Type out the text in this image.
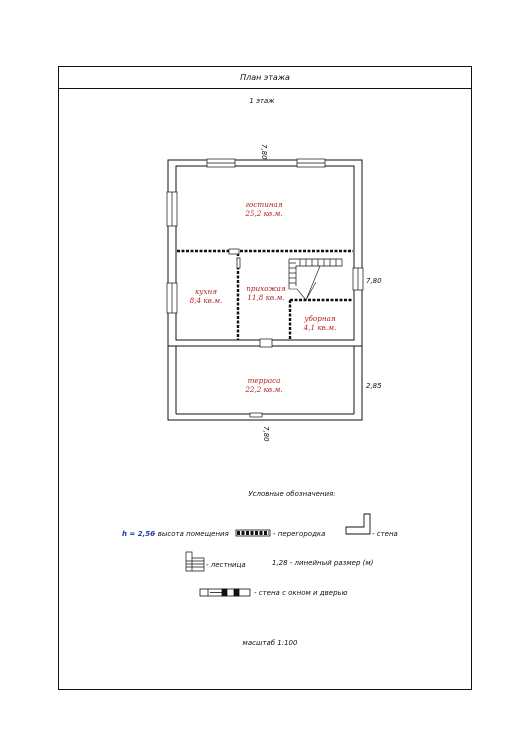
План этажа
1 этаж
гостиная
25,2 кв.м.
кухня
8,4 кв.м.
прихожая
11,8 кв.м.
уборная
4,1 кв.м.
терраса
22,2 кв.м.
7,80
7,80
7,80
2,85
Условные обозначения:
h = 2,56
- высота помещения	- перегородка	- стена
- лестница	1,28 - линейный размер (м)
- стена с окном и дверью
масштаб 1:100
